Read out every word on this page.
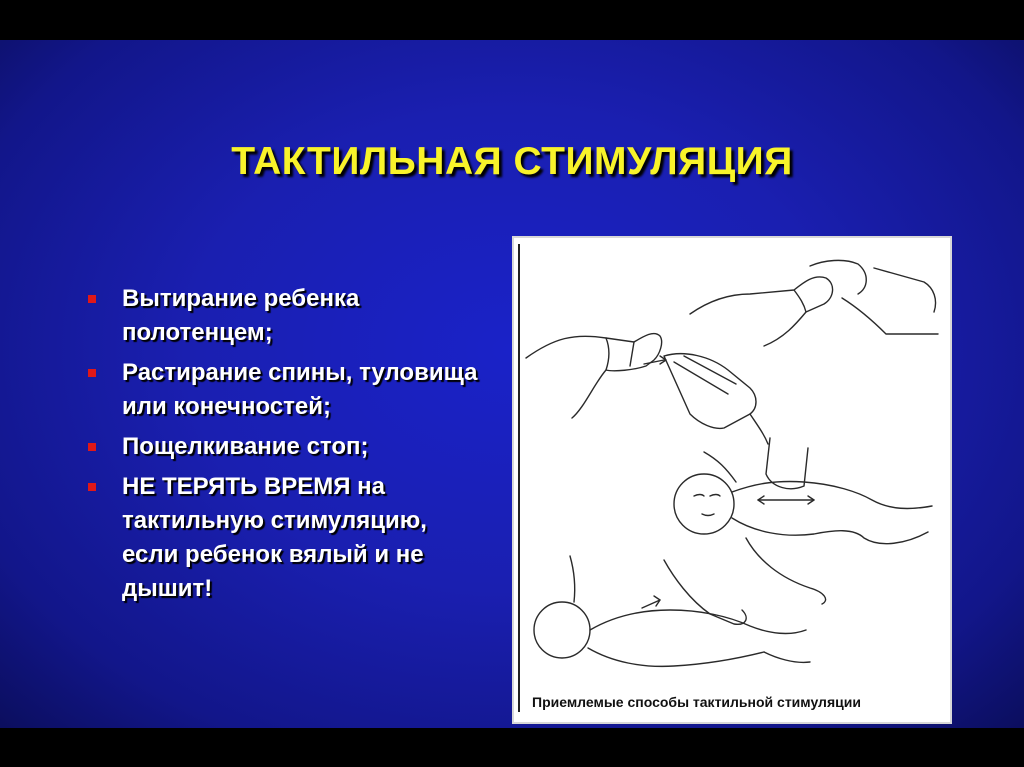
ТАКТИЛЬНАЯ СТИМУЛЯЦИЯ
Вытирание ребенка полотенцем;
Растирание спины, туловища или конечностей;
Пощелкивание стоп;
НЕ ТЕРЯТЬ ВРЕМЯ на тактильную стимуляцию, если ребенок вялый и не дышит!
Приемлемые способы тактильной стимуляции
